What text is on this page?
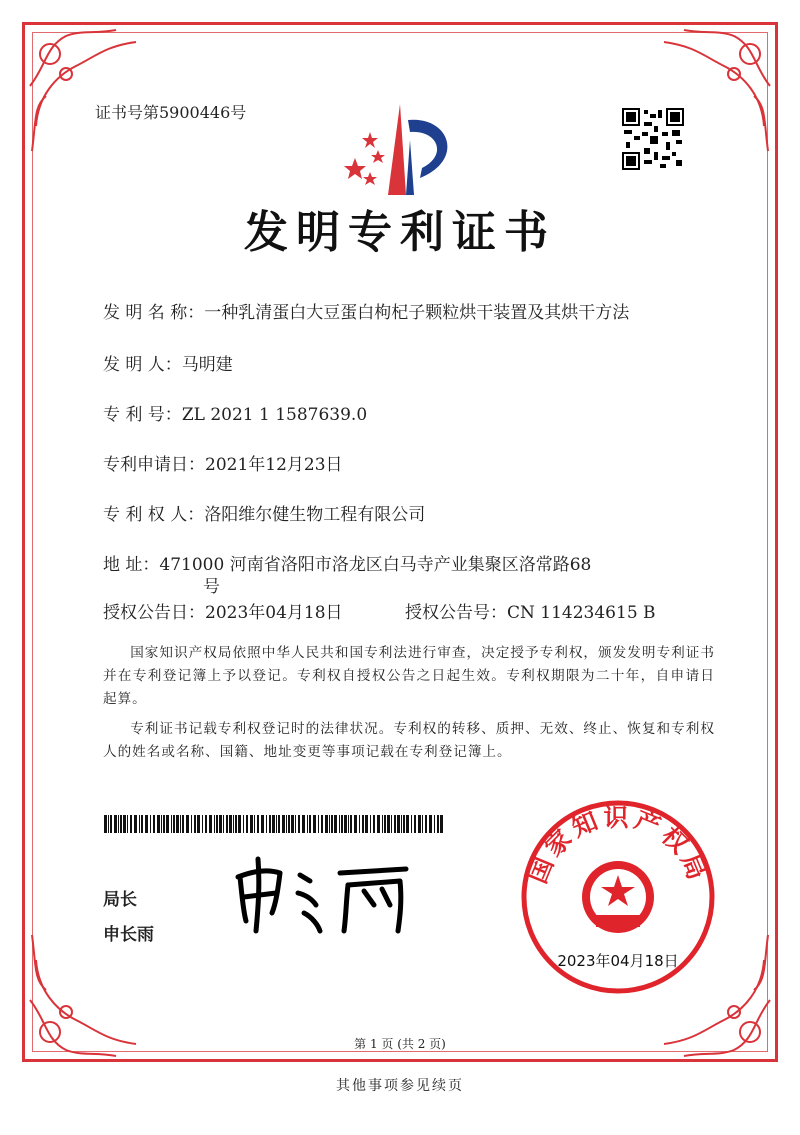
证书号第5900446号
发明专利证书
发 明 名 称：一种乳清蛋白大豆蛋白枸杞子颗粒烘干装置及其烘干方法
发 明 人：马明建
专 利 号：ZL 2021 1 1587639.0
专利申请日：2021年12月23日
专 利 权 人：洛阳维尔健生物工程有限公司
地 址：471000 河南省洛阳市洛龙区白马寺产业集聚区洛常路68
号
授权公告日：2023年04月18日	授权公告号：CN 114234615 B
国家知识产权局依照中华人民共和国专利法进行审查，决定授予专利权，颁发发明专利证书并在专利登记簿上予以登记。专利权自授权公告之日起生效。专利权期限为二十年，自申请日起算。
专利证书记载专利权登记时的法律状况。专利权的转移、质押、无效、终止、恢复和专利权人的姓名或名称、国籍、地址变更等事项记载在专利登记簿上。
局长
申长雨
国家知识产权局
2023年04月18日
第 1 页 (共 2 页)
其他事项参见续页
